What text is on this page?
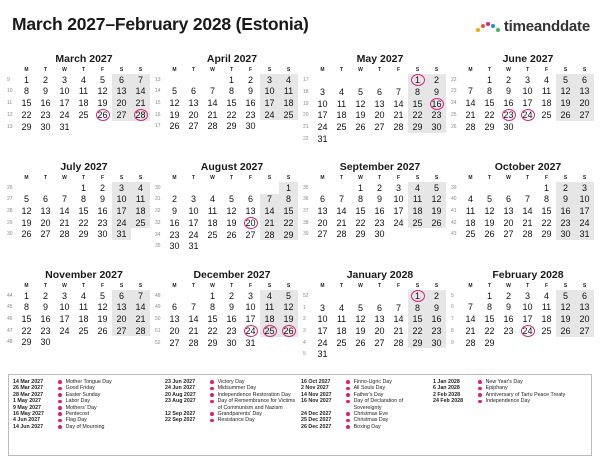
March 2027–February 2028 (Estonia)	timeanddate
March 2027
	M	T	W	T	F	S	S
9	1	2	3	4	5	6	7
10	8	9	10	11	12	13	14
11	15	16	17	18	19	20	21
12	22	23	24	25	26	27	28
13	29	30	31				
April 2027
	M	T	W	T	F	S	S
13				1	2	3	4
14	5	6	7	8	9	10	11
15	12	13	14	15	16	17	18
16	19	20	21	22	23	24	25
17	26	27	28	29	30		
May 2027
	M	T	W	T	F	S	S
17						1	2
18	3	4	5	6	7	8	9
19	10	11	12	13	14	15	16
20	17	18	19	20	21	22	23
21	24	25	26	27	28	29	30
22	31						
June 2027
	M	T	W	T	F	S	S
22		1	2	3	4	5	6
23	7	8	9	10	11	12	13
24	14	15	16	17	18	19	20
25	21	22	23	24	25	26	27
26	28	29	30				
July 2027
	M	T	W	T	F	S	S
26				1	2	3	4
27	5	6	7	8	9	10	11
28	12	13	14	15	16	17	18
29	19	20	21	22	23	24	25
30	26	27	28	29	30	31	
August 2027
	M	T	W	T	F	S	S
30							1
31	2	3	4	5	6	7	8
32	9	10	11	12	13	14	15
33	16	17	18	19	20	21	22
34	23	24	25	26	27	28	29
35	30	31					
September 2027
	M	T	W	T	F	S	S
35			1	2	3	4	5
36	6	7	8	9	10	11	12
37	13	14	15	16	17	18	19
38	20	21	22	23	24	25	26
39	27	28	29	30			
October 2027
	M	T	W	T	F	S	S
39					1	2	3
40	4	5	6	7	8	9	10
41	11	12	13	14	15	16	17
42	18	19	20	21	22	23	24
43	25	26	27	28	29	30	31
November 2027
	M	T	W	T	F	S	S
44	1	2	3	4	5	6	7
45	8	9	10	11	12	13	14
46	15	16	17	18	19	20	21
47	22	23	24	25	26	27	28
48	29	30					
December 2027
	M	T	W	T	F	S	S
48			1	2	3	4	5
49	6	7	8	9	10	11	12
50	13	14	15	16	17	18	19
51	20	21	22	23	24	25	26
52	27	28	29	30	31		
January 2028
	M	T	W	T	F	S	S
52						1	2
1	3	4	5	6	7	8	9
2	10	11	12	13	14	15	16
3	17	18	19	20	21	22	23
4	24	25	26	27	28	29	30
5	31						
February 2028
	M	T	W	T	F	S	S
5		1	2	3	4	5	6
6	7	8	9	10	11	12	13
7	14	15	16	17	18	19	20
8	21	22	23	24	25	26	27
9	28	29					
14 Mar 2027	Mother Tongue Day
26 Mar 2027	Good Friday
28 Mar 2027	Easter Sunday
1 May 2027	Labor Day
9 May 2027	Mothers' Day
16 May 2027	Pentecost
4 Jun 2027	Flag Day
14 Jun 2027	Day of Mourning
23 Jun 2027	Victory Day
24 Jun 2027	Midsummer Day
20 Aug 2027	Independence Restoration Day
23 Aug 2027	Day of Remembrance for Victims of Communism and Nazism
12 Sep 2027	Grandparents' Day
22 Sep 2027	Resistance Day
16 Oct 2027	Finno-Ugric Day
2 Nov 2027	All Souls Day
14 Nov 2027	Father's Day
16 Nov 2027	Day of Declaration of Sovereignty
24 Dec 2027	Christmas Eve
25 Dec 2027	Christmas Day
26 Dec 2027	Boxing Day
1 Jan 2028	New Year's Day
6 Jan 2028	Epiphany
2 Feb 2028	Anniversary of Tartu Peace Treaty
24 Feb 2028	Independence Day
